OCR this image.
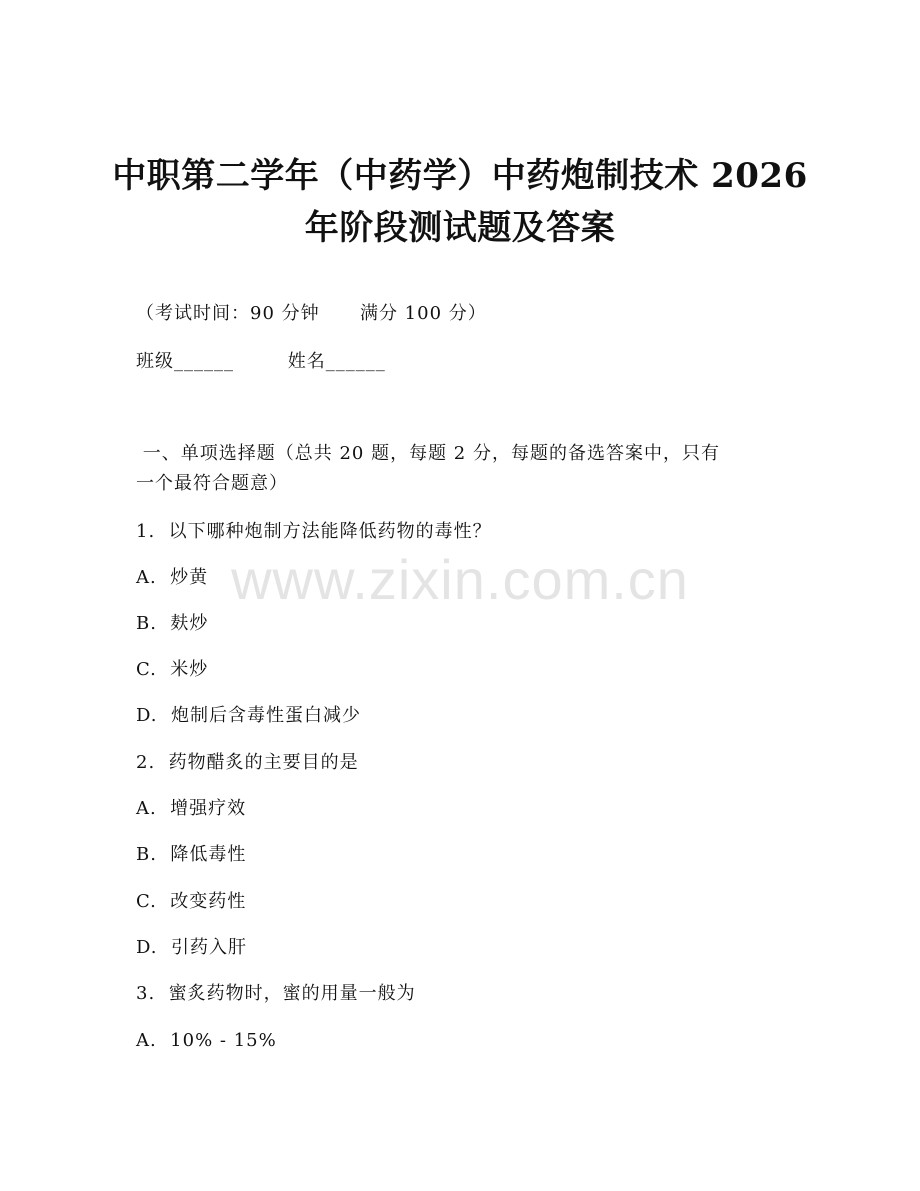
中职第二学年（中药学）中药炮制技术 2026
年阶段测试题及答案
（考试时间：90 分钟      满分 100 分）
班级______        姓名______
一、单项选择题（总共 20 题，每题 2 分，每题的备选答案中，只有
一个最符合题意）
1.  以下哪种炮制方法能降低药物的毒性？
A.  炒黄
B.  麸炒
C.  米炒
D.  炮制后含毒性蛋白减少
2.  药物醋炙的主要目的是
A.  增强疗效
B.  降低毒性
C.  改变药性
D.  引药入肝
3.  蜜炙药物时，蜜的用量一般为
A.  10% - 15%
www.zixin.com.cn
